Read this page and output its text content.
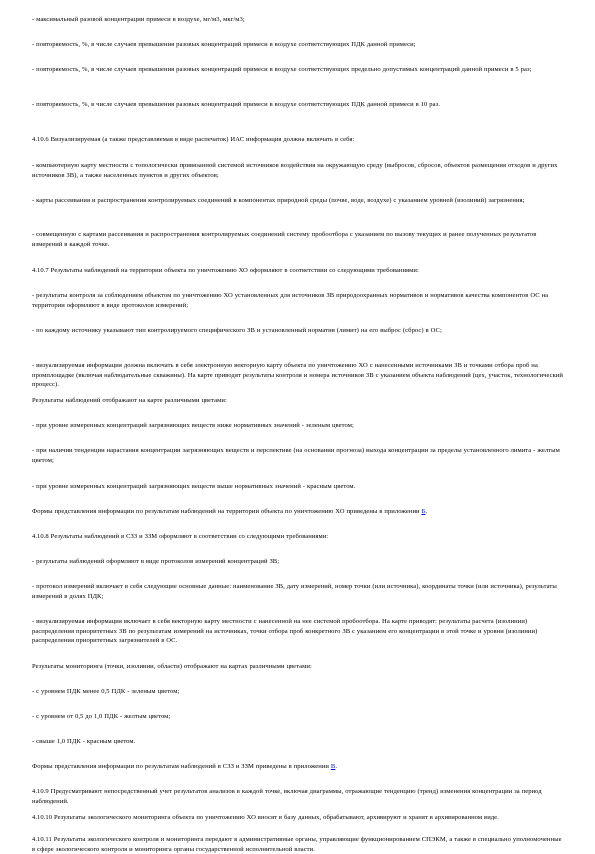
- максимальный разовой концентрации примеси в воздухе, мг/м3, мкг/м3;

- повторяемость, %, в числе случаев превышения разовых концентраций примеси в воздухе соответствующих ПДК данной примеси;

- повторяемость, %, в числе случаев превышения разовых концентраций примеси в воздухе соответствующих предельно допустимых концентраций данной примеси в 5 раз;

- повторяемость, %, в числе случаев превышения разовых концентраций примеси в воздухе соответствующих ПДК данной примеси в 10 раз.

4.10.6 Визуализируемая (а также представляемая в виде распечаток) ИАС информация должна включать в себя:

- компьютерную карту местности с топологически привязанной системой источников воздействия на окружающую среду (выбросов, сбросов, объектов размещения отходов и других источников ЗВ), а также населенных пунктов и других объектов;

- карты рассеивания и распространения контролируемых соединений в компонентах природной среды (почве, воде, воздухе) с указанием уровней (изолиний) загрязнения;

- совмещенную с картами рассеивания и распространения контролируемых соединений систему пробоотбора с указанием по вызову текущих и ранее полученных результатов измерений в каждой точке.

4.10.7 Результаты наблюдений на территории объекта по уничтожению ХО оформляют в соответствии со следующими требованиями:

- результаты контроля за соблюдением объектом по уничтожению ХО установленных для источников ЗВ природоохранных нормативов и нормативов качества компонентов ОС на территории оформляют в виде протоколов измерений;

- по каждому источнику указывают тип контролируемого специфического ЗВ и установленный норматив (лимит) на его выброс (сброс) в ОС;

- визуализируемая информация должна включать в себя электронную векторную карту объекта по уничтожению ХО с нанесенными источниками ЗВ и точками отбора проб на промплощадке (включая наблюдательные скважины). На карте приводят результаты контроля и номера источников ЗВ с указанием объекта наблюдений (цех, участок, технологический процесс).

Результаты наблюдений отображают на карте различными цветами:

- при уровне измеренных концентраций загрязняющих веществ ниже нормативных значений - зеленым цветом;

- при наличии тенденции нарастания концентрации загрязняющих веществ и перспективе (на основании прогноза) выхода концентрации за пределы установленного лимита - желтым цветом;

- при уровне измеренных концентраций загрязняющих веществ выше нормативных значений - красным цветом.

Формы представления информации по результатам наблюдений на территории объекта по уничтожению ХО приведены в приложении Б.

4.10.8 Результаты наблюдений в СЗЗ и ЗЗМ оформляют в соответствии со следующими требованиями:

- результаты наблюдений оформляют в виде протоколов измерений концентраций ЗВ;

- протокол измерений включает в себя следующие основные данные: наименование ЗВ, дату измерений, номер точки (или источника), координаты точки (или источника), результаты измерений в долях ПДК;

- визуализируемая информация включает в себя векторную карту местности с нанесенной на нее системой пробоотбора. На карте приводят: результаты расчета (изолинии) распределения приоритетных ЗВ по результатам измерений на источниках, точки отбора проб конкретного ЗВ с указанием его концентрации в этой точке и уровни (изолинии) распределения приоритетных загрязнителей в ОС.

Результаты мониторинга (точки, изолинии, области) отображают на картах различными цветами:

- с уровнем ПДК менее 0,5 ПДК - зеленым цветом;

- с уровнем от 0,5 до 1,0 ПДК - желтым цветом;

- свыше 1,0 ПДК - красным цветом.

Формы представления информации по результатам наблюдений в СЗЗ и ЗЗМ приведены в приложении В.

4.10.9 Предусматривают непосредственный учет результатов анализов в каждой точке, включая диаграммы, отражающие тенденцию (тренд) изменения концентрации за период наблюдений.

4.10.10 Результаты экологического мониторинга объекта по уничтожению ХО вносят в базу данных, обрабатывают, архивируют и хранят в архивированном виде.

4.10.11 Результаты экологического контроля и мониторинга передают в административные органы, управляющие функционированием СПЭКМ, а также в специально уполномоченные в сфере экологического контроля и мониторинга органы государственной исполнительной власти.
